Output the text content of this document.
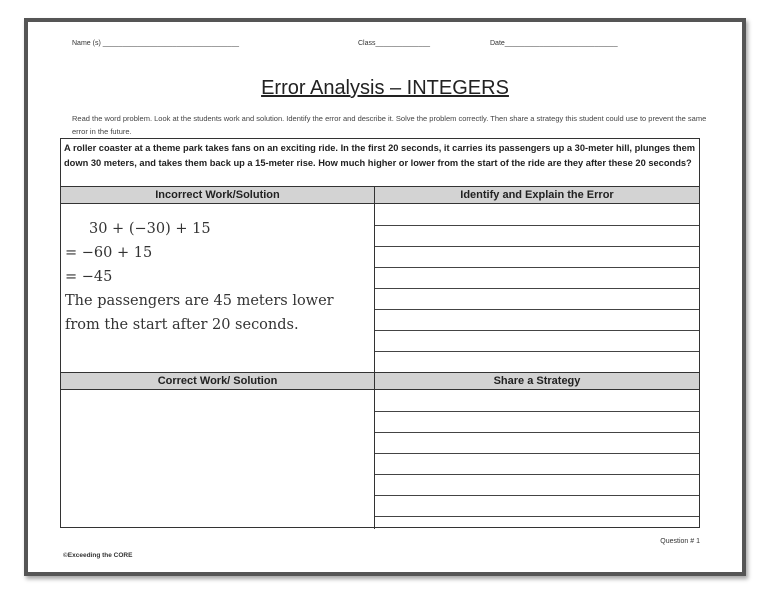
Name (s) ___________________________________	Class______________	Date_____________________________
Error Analysis – INTEGERS
Read the word problem. Look at the students work and solution. Identify the error and describe it. Solve the problem correctly. Then share a strategy this student could use to prevent the same error in the future.
A roller coaster at a theme park takes fans on an exciting ride. In the first 20 seconds, it carries its passengers up a 30-meter hill, plunges them down 30 meters, and takes them back up a 15-meter rise. How much higher or lower from the start of the ride are they after these 20 seconds?
Incorrect Work/Solution	Identify and Explain the Error
30 + (−30) + 15
= −60 + 15
= −45
The passengers are 45 meters lower
from the start after 20 seconds.
Correct Work/ Solution	Share a Strategy
Question # 1
©Exceeding the CORE
